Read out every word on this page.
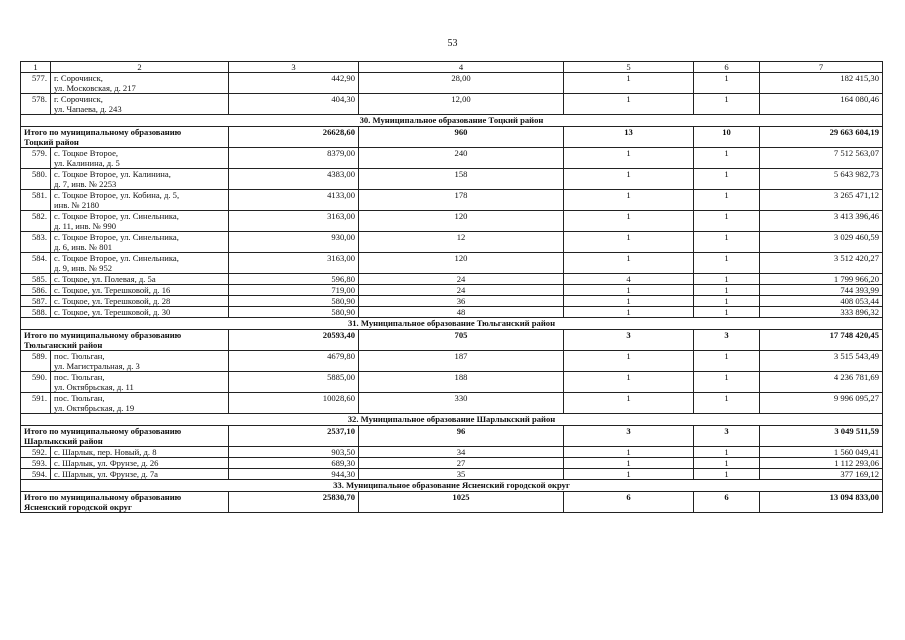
53
1	2	3	4	5	6	7
577.	г. Сорочинск,
ул. Московская, д. 217	442,90	28,00	1	1	182 415,30
578.	г. Сорочинск,
ул. Чапаева, д. 243	404,30	12,00	1	1	164 080,46
30. Муниципальное образование Тоцкий район						

Итого по муниципальному образованию
Тоцкий район		26628,60	960	13	10	29 663 604,19
579.	с. Тоцкое Второе,
ул. Калинина, д. 5	8379,00	240	1	1	7 512 563,07
580.	с. Тоцкое Второе, ул. Калинина,
д. 7, инв. № 2253	4383,00	158	1	1	5 643 982,73
581.	с. Тоцкое Второе, ул. Кобина, д. 5,
инв. № 2180	4133,00	178	1	1	3 265 471,12
582.	с. Тоцкое Второе, ул. Синельника,
д. 11, инв. № 990	3163,00	120	1	1	3 413 396,46
583.	с. Тоцкое Второе, ул. Синельника,
д. 6, инв. № 801	930,00	12	1	1	3 029 460,59
584.	с. Тоцкое Второе, ул. Синельника,
д. 9, инв. № 952	3163,00	120	1	1	3 512 420,27
585.	с. Тоцкое, ул. Полевая, д. 5а	596,80	24	4	1	1 799 966,20
586.	с. Тоцкое, ул. Терешковой, д. 16	719,00	24	1	1	744 393,99
587.	с. Тоцкое, ул. Терешковой, д. 28	580,90	36	1	1	408 053,44
588.	с. Тоцкое, ул. Терешковой, д. 30	580,90	48	1	1	333 896,32
31. Муниципальное образование Тюльганский район						

Итого по муниципальному образованию
Тюльганский район		20593,40	705	3	3	17 748 420,45
589.	пос. Тюльган,
ул. Магистральная, д. 3	4679,80	187	1	1	3 515 543,49
590.	пос. Тюльган,
ул. Октябрьская, д. 11	5885,00	188	1	1	4 236 781,69
591.	пос. Тюльган,
ул. Октябрьская, д. 19	10028,60	330	1	1	9 996 095,27
32. Муниципальное образование Шарлыкский район						

Итого по муниципальному образованию
Шарлыкский район		2537,10	96	3	3	3 049 511,59
592.	с. Шарлык, пер. Новый, д. 8	903,50	34	1	1	1 560 049,41
593.	с. Шарлык, ул. Фрунзе, д. 26	689,30	27	1	1	1 112 293,06
594.	с. Шарлык, ул. Фрунзе, д. 7а	944,30	35	1	1	377 169,12
33. Муниципальное образование Ясненский городской округ						

Итого по муниципальному образованию
Ясненский городской округ		25830,70	1025	6	6	13 094 833,00
